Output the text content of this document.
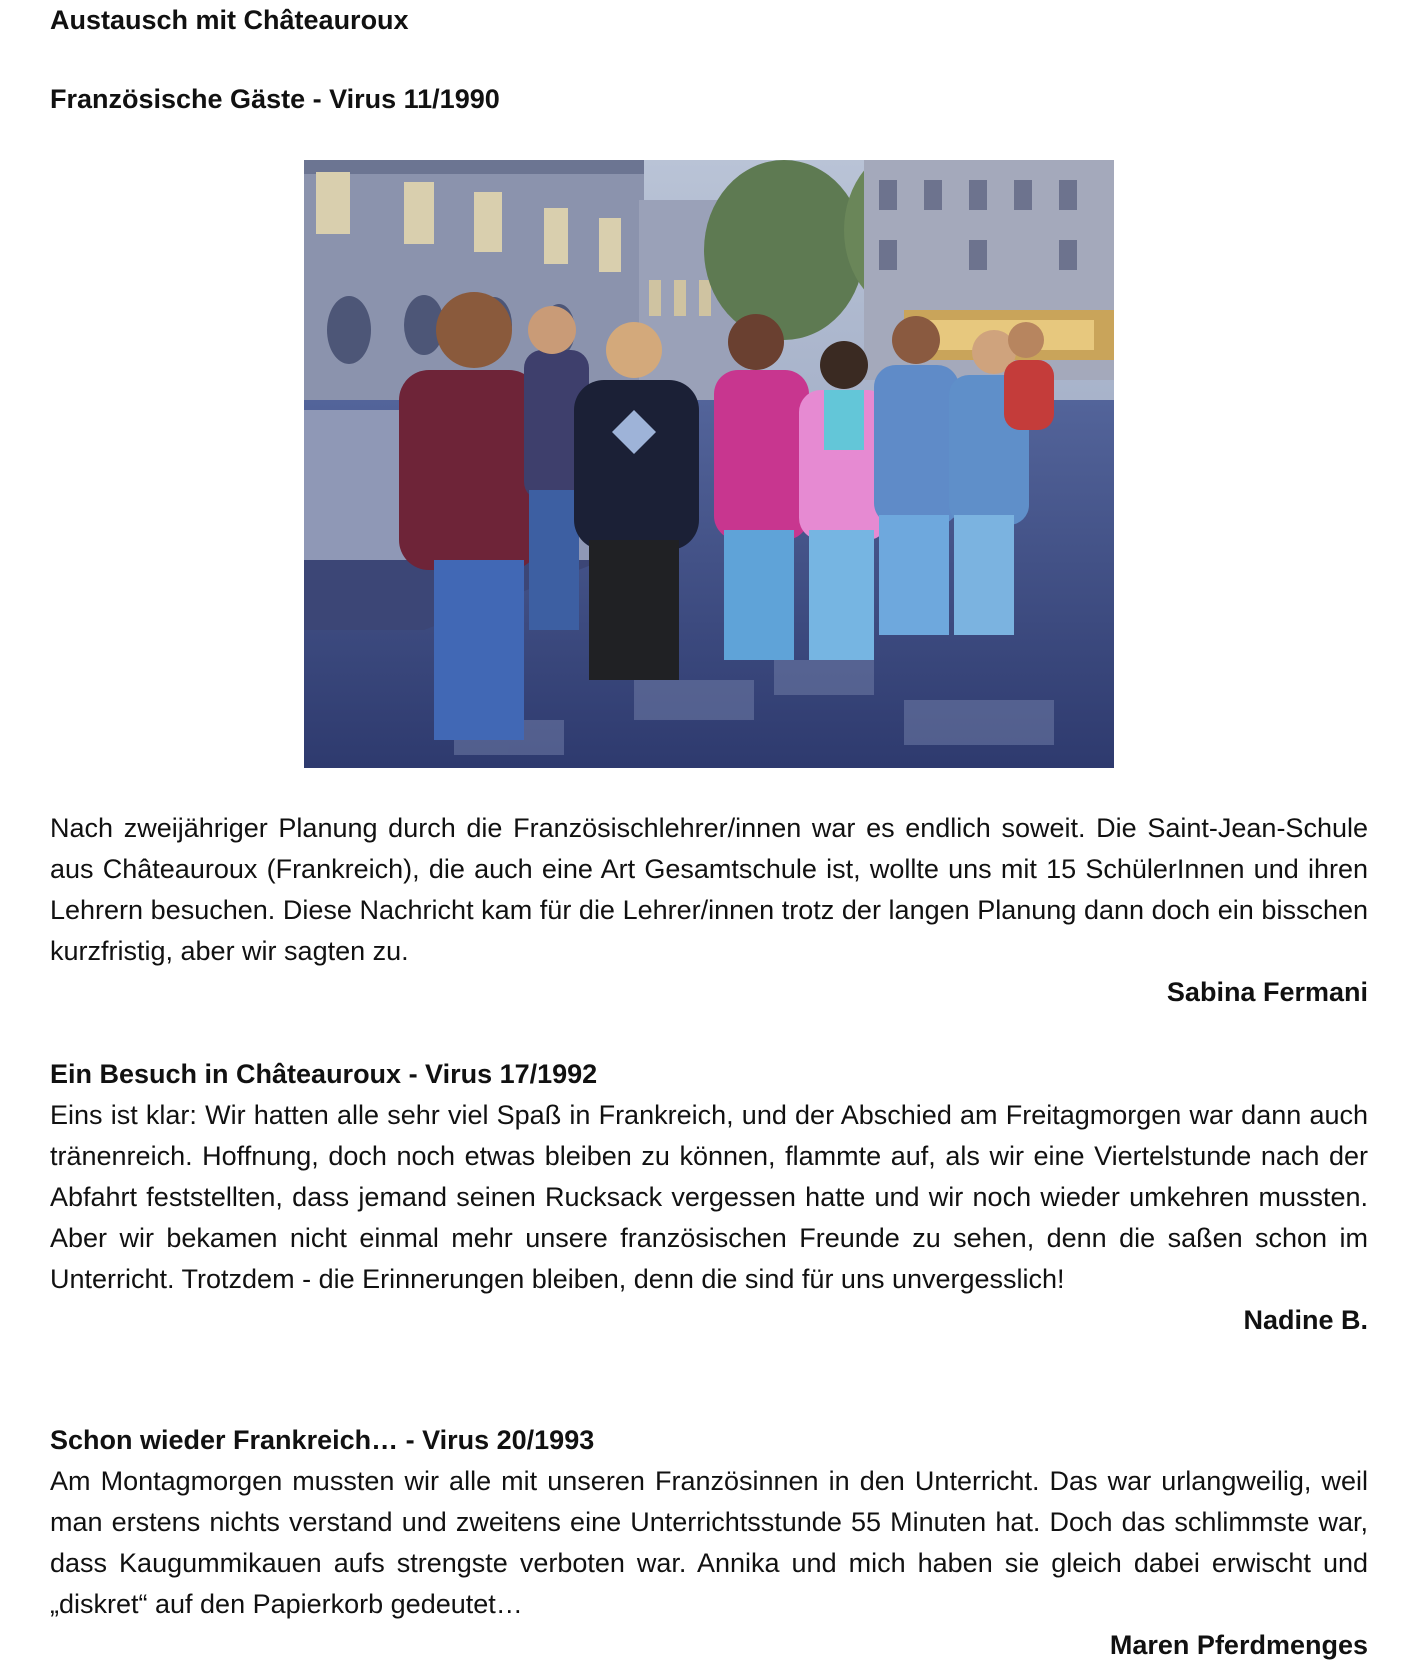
Austausch mit Châteauroux
Französische Gäste - Virus 11/1990

Nach zweijähriger Planung durch die Französischlehrer/innen war es endlich soweit. Die Saint-Jean-Schule aus Châteauroux (Frankreich), die auch eine Art Gesamtschule ist, wollte uns mit 15 SchülerInnen und ihren Lehrern besuchen. Diese Nachricht kam für die Lehrer/innen trotz der langen Planung dann doch ein bisschen kurzfristig, aber wir sagten zu.

Sabina Fermani

Ein Besuch in Châteauroux - Virus 17/1992

Eins ist klar: Wir hatten alle sehr viel Spaß in Frankreich, und der Abschied am Freitagmorgen war dann auch tränenreich. Hoffnung, doch noch etwas bleiben zu können, flammte auf, als wir eine Viertelstunde nach der Abfahrt feststellten, dass jemand seinen Rucksack vergessen hatte und wir noch wieder umkehren mussten. Aber wir bekamen nicht einmal mehr unsere französischen Freunde zu sehen, denn die saßen schon im Unterricht. Trotzdem - die Erinnerungen bleiben, denn die sind für uns unvergesslich!

Nadine B.

Schon wieder Frankreich… - Virus 20/1993

Am Montagmorgen mussten wir alle mit unseren Französinnen in den Unterricht. Das war urlangweilig, weil man erstens nichts verstand und zweitens eine Unterrichtsstunde 55 Minuten hat. Doch das schlimmste war, dass Kaugummikauen aufs strengste verboten war. Annika und mich haben sie gleich dabei erwischt und „diskret“ auf den Papierkorb gedeutet…

Maren Pferdmenges
